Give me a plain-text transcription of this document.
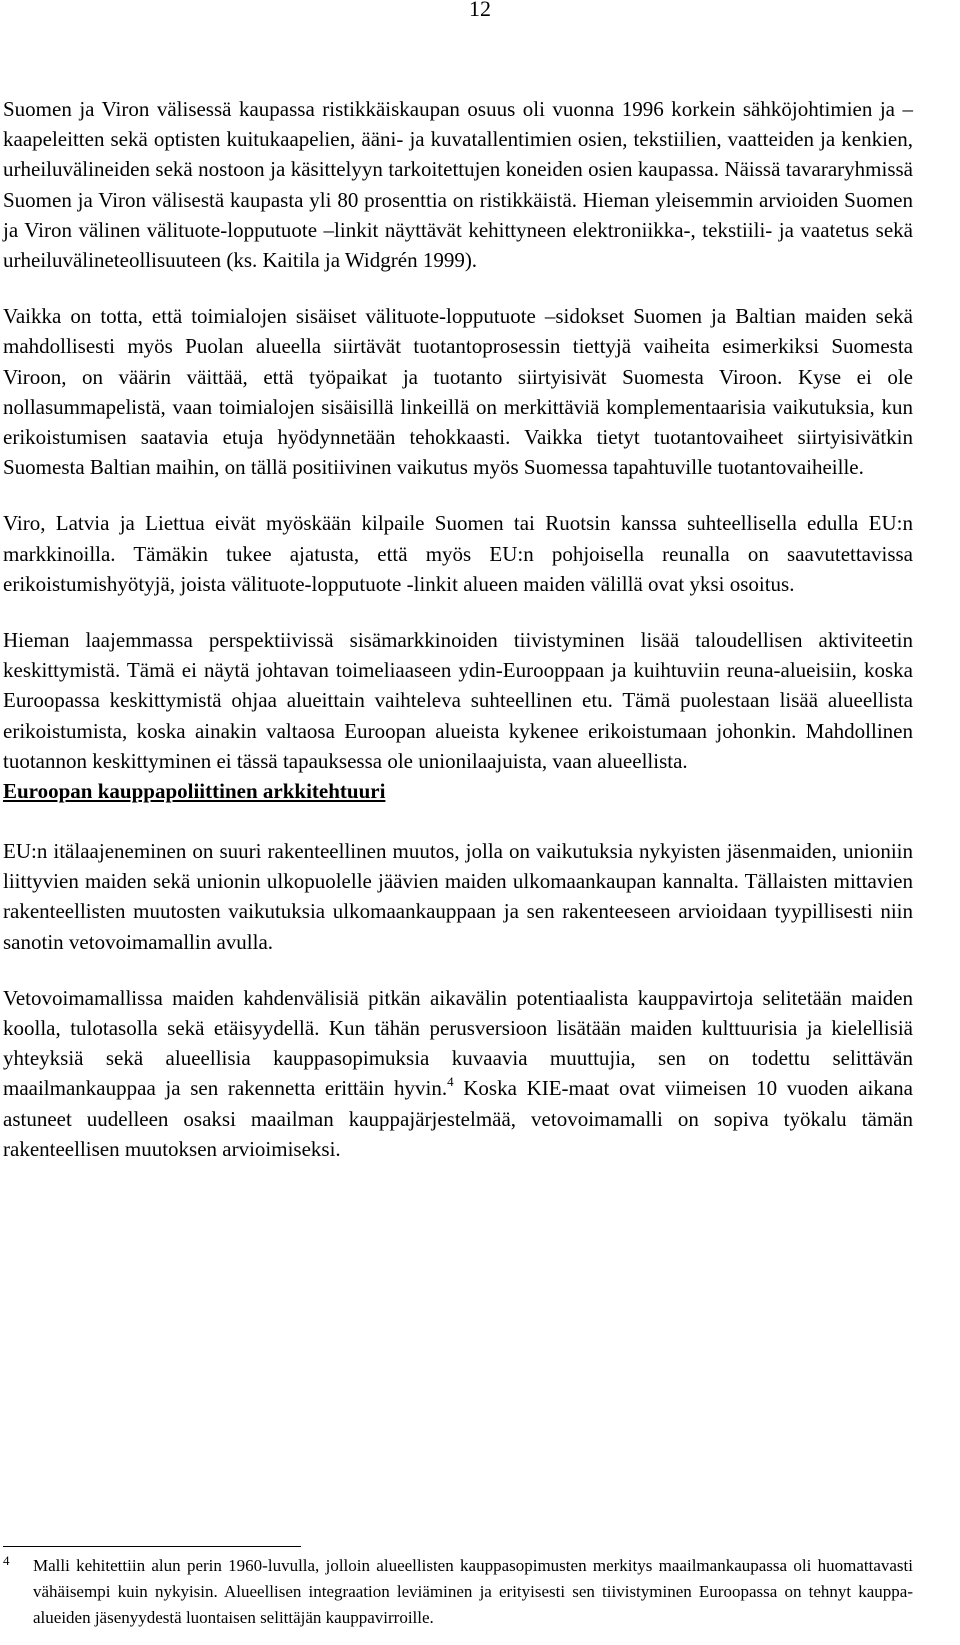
12

Suomen ja Viron välisessä kaupassa ristikkäiskaupan osuus oli vuonna 1996 korkein sähköjohtimien ja –kaapeleitten sekä optisten kuitukaapelien, ääni- ja kuvatallentimien osien, tekstiilien, vaatteiden ja kenkien, urheiluvälineiden sekä nostoon ja käsittelyyn tarkoitettujen koneiden osien kaupassa. Näissä tavararyhmissä Suomen ja Viron välisestä kaupasta yli 80 prosenttia on ristikkäistä. Hieman yleisemmin arvioiden Suomen ja Viron välinen välituote-lopputuote –linkit näyttävät kehittyneen elektroniikka-, tekstiili- ja vaatetus sekä urheiluvälineteollisuuteen (ks. Kaitila ja Widgrén 1999).

Vaikka on totta, että toimialojen sisäiset välituote-lopputuote –sidokset Suomen ja Baltian maiden sekä mahdollisesti myös Puolan alueella siirtävät tuotantoprosessin tiettyjä vaiheita esimerkiksi Suomesta Viroon, on väärin väittää, että työpaikat ja tuotanto siirtyisivät Suomesta Viroon. Kyse ei ole nollasummapelistä, vaan toimialojen sisäisillä linkeillä on merkittäviä komplementaarisia vaikutuksia, kun erikoistumisen saatavia etuja hyödynnetään tehokkaasti. Vaikka tietyt tuotantovaiheet siirtyisivätkin Suomesta Baltian maihin, on tällä positiivinen vaikutus myös Suomessa tapahtuville tuotantovaiheille.

Viro, Latvia ja Liettua eivät myöskään kilpaile Suomen tai Ruotsin kanssa suhteellisella edulla EU:n markkinoilla. Tämäkin tukee ajatusta, että myös EU:n pohjoisella reunalla on saavutettavissa erikoistumishyötyjä, joista välituote-lopputuote -linkit alueen maiden välillä ovat yksi osoitus.

Hieman laajemmassa perspektiivissä sisämarkkinoiden tiivistyminen lisää taloudellisen aktiviteetin keskittymistä. Tämä ei näytä johtavan toimeliaaseen ydin-Eurooppaan ja kuihtuviin reuna-alueisiin, koska Euroopassa keskittymistä ohjaa alueittain vaihteleva suhteellinen etu. Tämä puolestaan lisää alueellista erikoistumista, koska ainakin valtaosa Euroopan alueista kykenee erikoistumaan johonkin. Mahdollinen tuotannon keskittyminen ei tässä tapauksessa ole unionilaajuista, vaan alueellista.

Euroopan kauppapoliittinen arkkitehtuuri

EU:n itälaajeneminen on suuri rakenteellinen muutos, jolla on vaikutuksia nykyisten jäsenmaiden, unioniin liittyvien maiden sekä unionin ulkopuolelle jäävien maiden ulkomaankaupan kannalta. Tällaisten mittavien rakenteellisten muutosten vaikutuksia ulkomaankauppaan ja sen rakenteeseen arvioidaan tyypillisesti niin sanotin vetovoimamallin avulla.

Vetovoimamallissa maiden kahdenvälisiä pitkän aikavälin potentiaalista kauppavirtoja selitetään maiden koolla, tulotasolla sekä etäisyydellä. Kun tähän perusversioon lisätään maiden kulttuurisia ja kielellisiä yhteyksiä sekä alueellisia kauppasopimuksia kuvaavia muuttujia, sen on todettu selittävän maailmankauppaa ja sen rakennetta erittäin hyvin.$^4$ Koska KIE-maat ovat viimeisen 10 vuoden aikana astuneet uudelleen osaksi maailman kauppajärjestelmää, vetovoimamalli on sopiva työkalu tämän rakenteellisen muutoksen arvioimiseksi.

4	Malli kehitettiin alun perin 1960-luvulla, jolloin alueellisten kauppasopimusten merkitys maailmankaupassa oli huomattavasti vähäisempi kuin nykyisin. Alueellisen integraation leviäminen ja erityisesti sen tiivistyminen Euroopassa on tehnyt kauppa-alueiden jäsenyydestä luontaisen selittäjän kauppavirroille.
